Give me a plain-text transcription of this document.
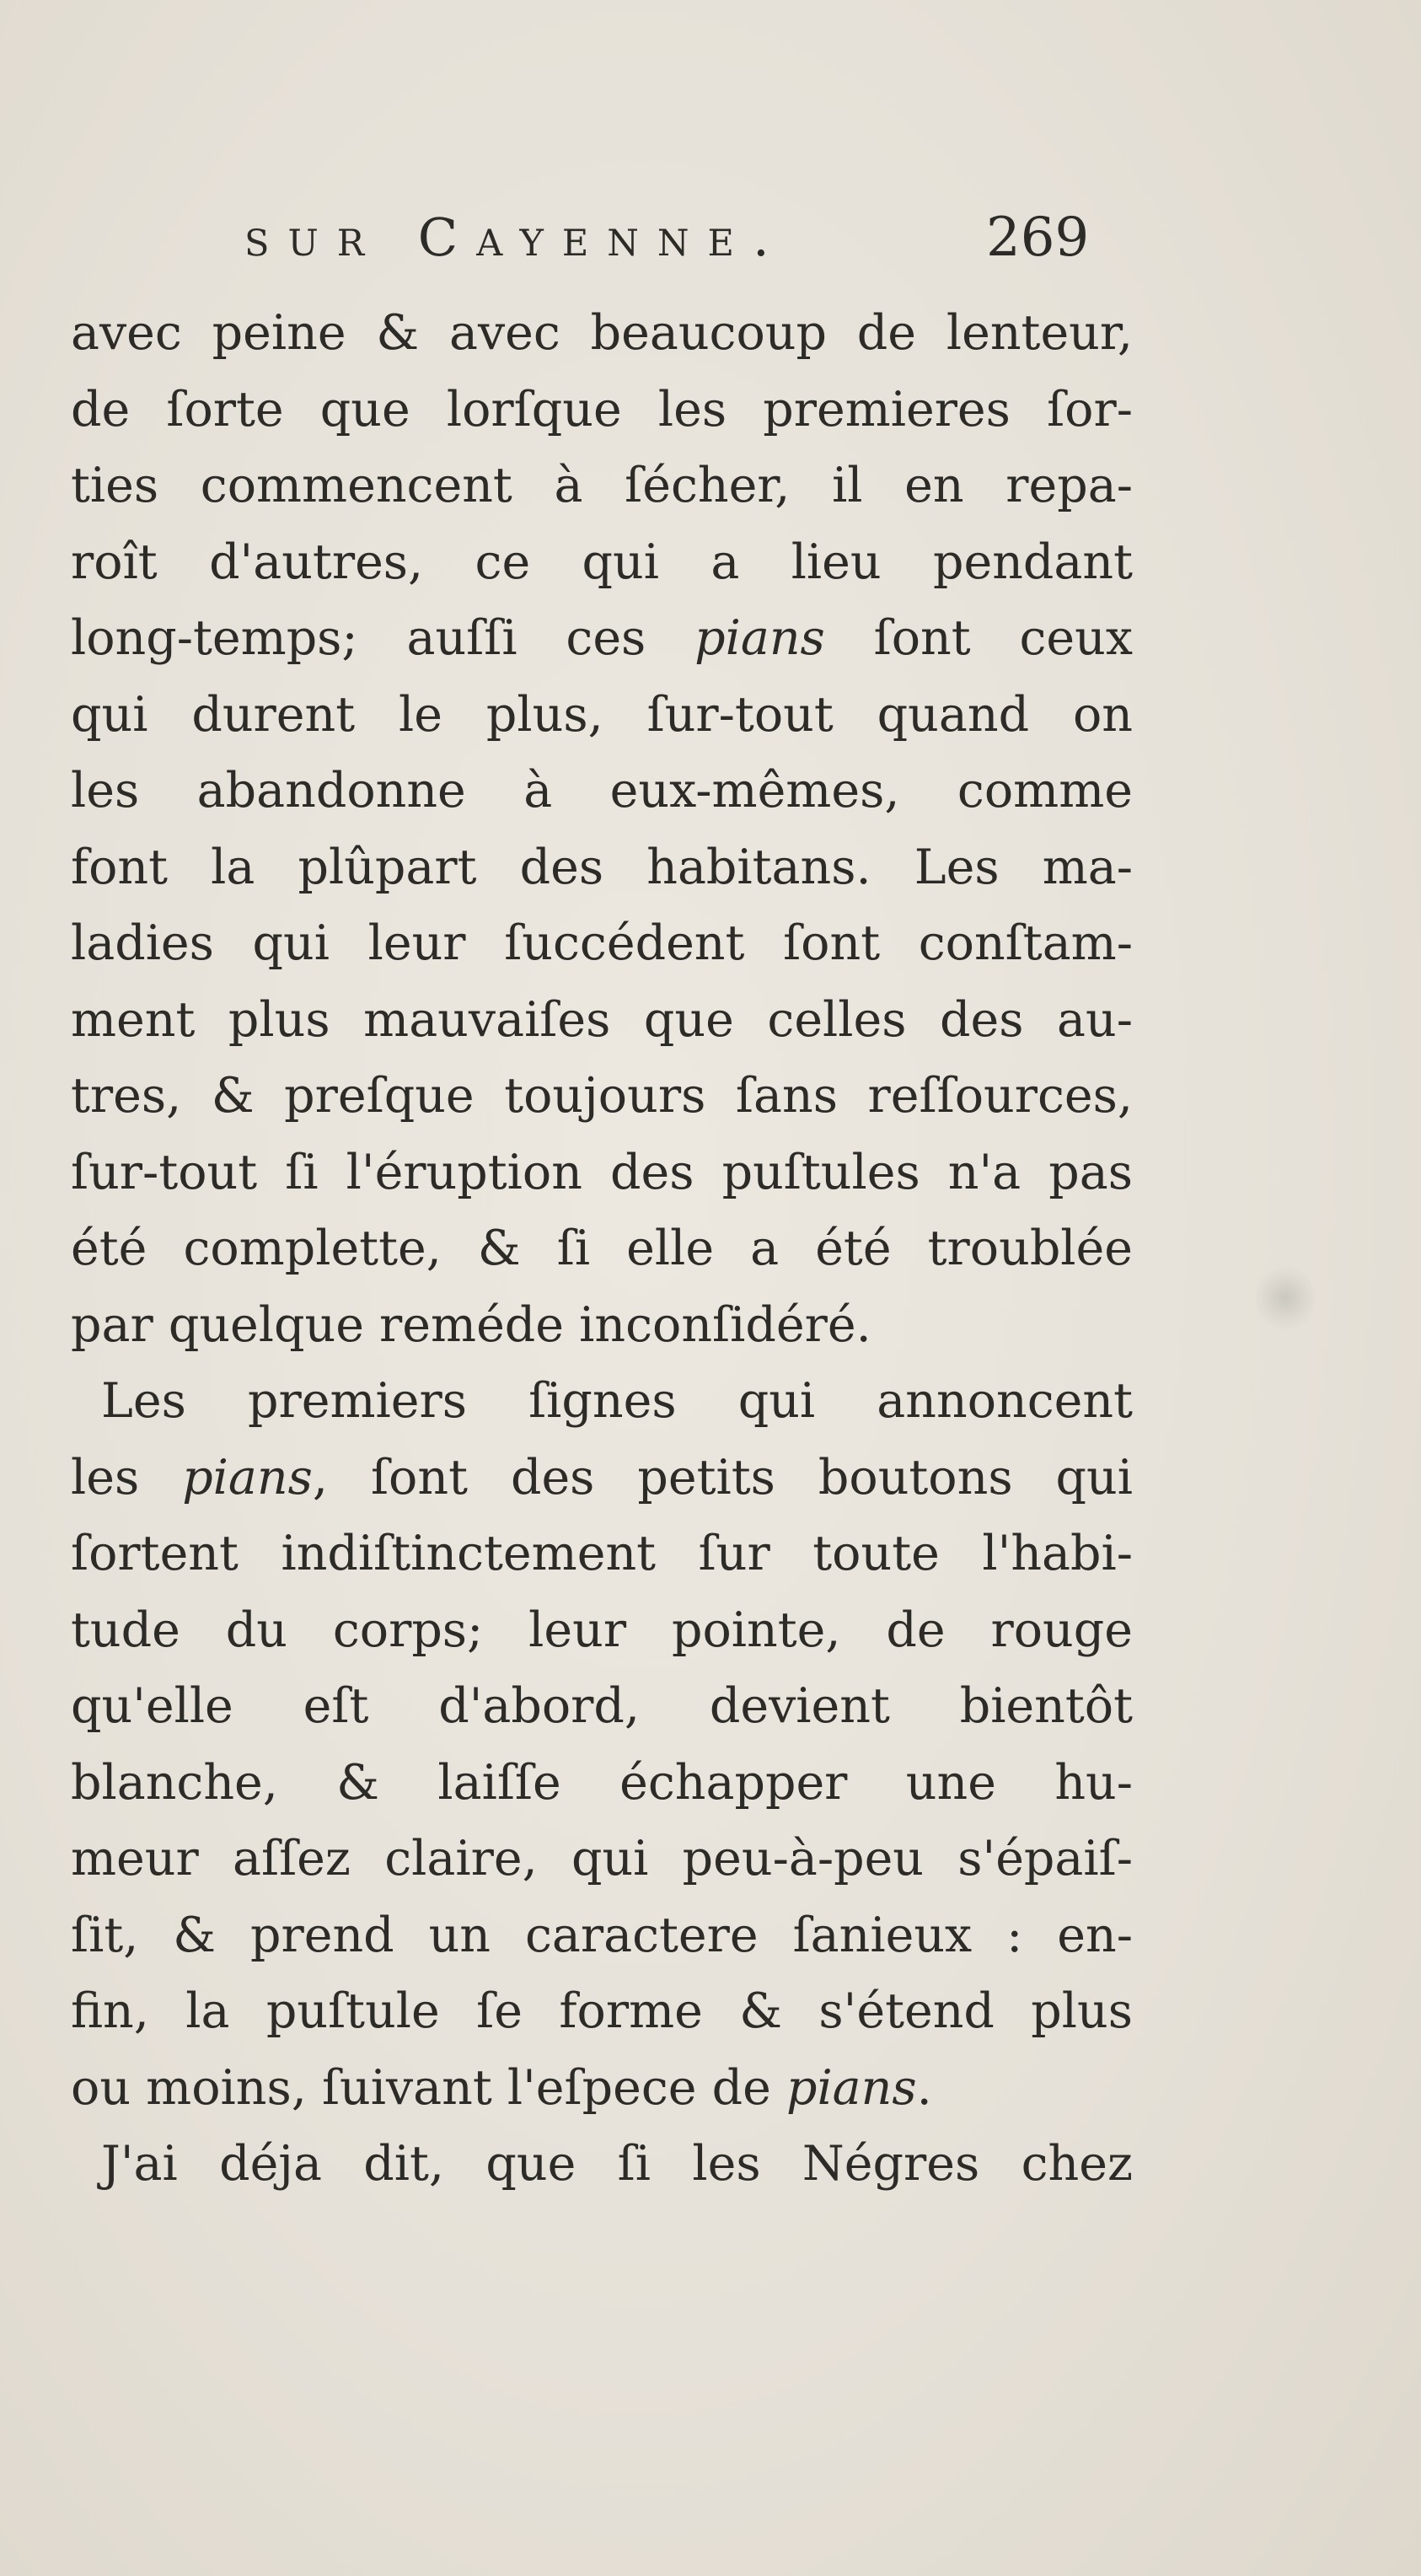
sur Cayenne.	269
avec peine & avec beaucoup de lenteur,
de ſorte que lorſque les premieres ſor-
ties commencent à ſécher, il en repa-
roît d'autres, ce qui a lieu pendant
long-temps; auſſi ces pians ſont ceux
qui durent le plus, ſur-tout quand on
les abandonne à eux-mêmes, comme
font la plûpart des habitans. Les ma-
ladies qui leur ſuccédent ſont conſtam-
ment plus mauvaiſes que celles des au-
tres, & preſque toujours ſans reſſources,
ſur-tout ſi l'éruption des puſtules n'a pas
été complette, & ſi elle a été troublée
par quelque reméde inconſidéré.
Les premiers ſignes qui annoncent
les pians, ſont des petits boutons qui
ſortent indiſtinctement ſur toute l'habi-
tude du corps; leur pointe, de rouge
qu'elle eſt d'abord, devient bientôt
blanche, & laiſſe échapper une hu-
meur aſſez claire, qui peu-à-peu s'épaiſ-
ſit, & prend un caractere ſanieux : en-
fin, la puſtule ſe forme & s'étend plus
ou moins, ſuivant l'eſpece de pians.
J'ai déja dit, que ſi les Négres chez
